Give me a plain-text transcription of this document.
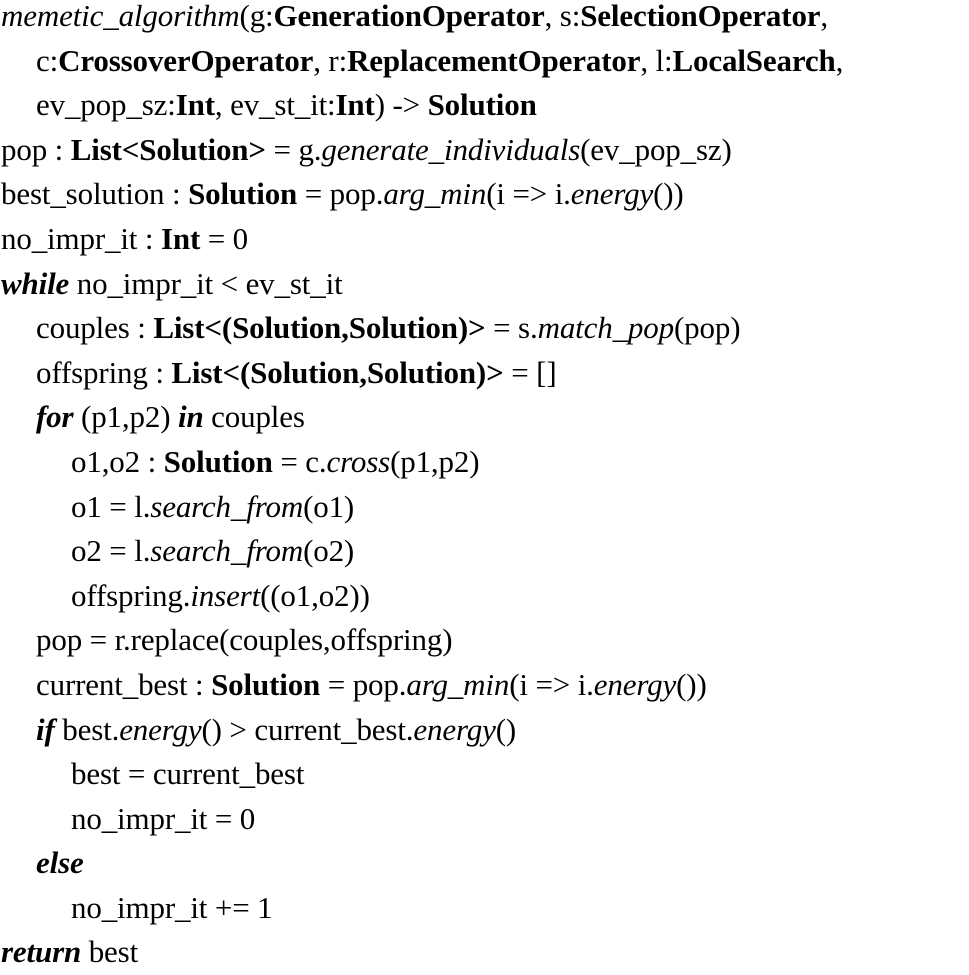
memetic_algorithm(g:GenerationOperator, s:SelectionOperator,
c:CrossoverOperator, r:ReplacementOperator, l:LocalSearch,
ev_pop_sz:Int, ev_st_it:Int) -> Solution
pop : List<Solution> = g.generate_individuals(ev_pop_sz)
best_solution : Solution = pop.arg_min(i => i.energy())
no_impr_it : Int = 0
while no_impr_it < ev_st_it
couples : List<(Solution,Solution)> = s.match_pop(pop)
offspring : List<(Solution,Solution)> = []
for (p1,p2) in couples
o1,o2 : Solution = c.cross(p1,p2)
o1 = l.search_from(o1)
o2 = l.search_from(o2)
offspring.insert((o1,o2))
pop = r.replace(couples,offspring)
current_best : Solution = pop.arg_min(i => i.energy())
if best.energy() > current_best.energy()
best = current_best
no_impr_it = 0
else
no_impr_it += 1
return best
